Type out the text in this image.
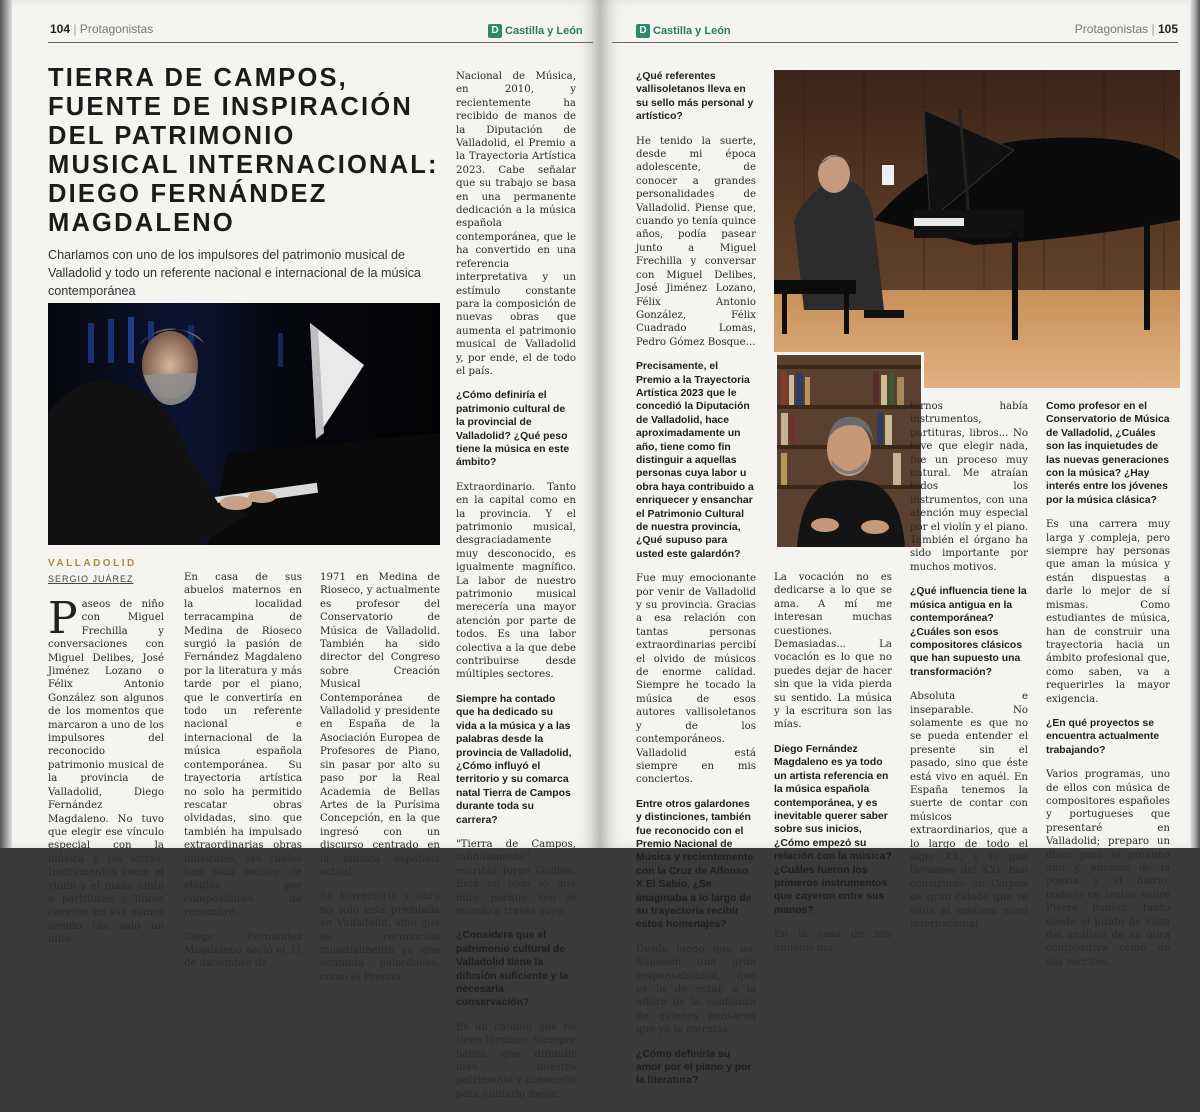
104 | Protagonistas	D Castilla y León
TIERRA DE CAMPOS,
FUENTE DE INSPIRACIÓN
DEL PATRIMONIO
MUSICAL INTERNACIONAL:
DIEGO FERNÁNDEZ
MAGDALENO
Charlamos con uno de los impulsores del patrimonio musical de Valladolid y todo un referente nacional e internacional de la música contemporánea
VALLADOLID
SERGIO JUÁREZ

Paseos de niño con Miguel Frechilla y conversaciones con Miguel Delibes, José Jiménez Lozano o Félix Antonio González son algunos de los momentos que marcaron a uno de los impulsores del reconocido patrimonio musical de la provincia de Valladolid, Diego Fernández Magdaleno. No tuvo que elegir ese vínculo especial con la música y las letras. Instrumentos como el violín y el piano junto a partituras y libros cayeron en sus manos siendo tan solo un niño.

En casa de sus abuelos maternos en la localidad terracampina de Medina de Rioseco surgió la pasión de Fernández Magdaleno por la literatura y más tarde por el piano, que le convertiría en todo un referente nacional e internacional de la música española contemporánea. Su trayectoria artística no solo ha permitido rescatar obras olvidadas, sino que también ha impulsado extraordinarias obras musicales, las cuales han sido motivo de elogios por compositores de renombre.

Diego Fernández Magdaleno nació el 31 de diciembre de

1971 en Medina de Rioseco, y actualmente es profesor del Conservatorio de Música de Valladolid. También ha sido director del Congreso sobre Creación Musical Contemporánea de Valladolid y presidente en España de la Asociación Europea de Profesores de Piano, sin pasar por alto su paso por la Real Academia de Bellas Artes de la Purísima Concepción, en la que ingresó con un discurso centrado en la música española actual.

Su trayectoria y obra no solo está premiada en Valladolid, sino que es reconocida mundialmente ya que acumula galardones, como el Premio

Nacional de Música, en 2010, y recientemente ha recibido de manos de la Diputación de Valladolid, el Premio a la Trayectoria Artística 2023. Cabe señalar que su trabajo se basa en una permanente dedicación a la música española contemporánea, que le ha convertido en una referencia interpretativa y un estímulo constante para la composición de nuevas obras que aumenta el patrimonio musical de Valladolid y, por ende, el de todo el país.

¿Cómo definiría el patrimonio cultural de la provincial de Valladolid? ¿Qué peso tiene la música en este ámbito?

Extraordinario. Tanto en la capital como en la provincia. Y el patrimonio musical, desgraciadamente muy desconocido, es igualmente magnífico. La labor de nuestro patrimonio musical merecería una mayor atención por parte de todos. Es una labor colectiva a la que debe contribuirse desde múltiples sectores.

Siempre ha contado que ha dedicado su vida a la música y a las palabras desde la provincia de Valladolid, ¿Cómo influyó el territorio y su comarca natal Tierra de Campos durante toda su carrera?

"Tierra de Campos, infinitamente", escribió Jorge Guillén. Está en todo lo que miro porque veo el mundo a través suyo.

¿Considera que el patrimonio cultural de Valladolid tiene la difusión suficiente y la necesaria conservación?

Es un camino que no tiene término. Siempre habrá que difundir más nuestro patrimonio y conocerlo para cuidarlo mejor.

D Castilla y León	Protagonistas | 105
¿Qué referentes vallisoletanos lleva en su sello más personal y artístico?

He tenido la suerte, desde mi época adolescente, de conocer a grandes personalidades de Valladolid. Piense que, cuando yo tenía quince años, podía pasear junto a Miguel Frechilla y conversar con Miguel Delibes, José Jiménez Lozano, Félix Antonio González, Félix Cuadrado Lomas, Pedro Gómez Bosque...

Precisamente, el Premio a la Trayectoria Artística 2023 que le concedió la Diputación de Valladolid, hace aproximadamente un año, tiene como fin distinguir a aquellas personas cuya labor u obra haya contribuido a enriquecer y ensanchar el Patrimonio Cultural de nuestra provincia, ¿Qué supuso para usted este galardón?

Fue muy emocionante por venir de Valladolid y su provincia. Gracias a esa relación con tantas personas extraordinarias percibí el olvido de músicos de enorme calidad. Siempre he tocado la música de esos autores vallisoletanos y de los contemporáneos. Valladolid está siempre en mis conciertos.

Entre otros galardones y distinciones, también fue reconocido con el Premio Nacional de Música y recientemente con la Cruz de Alfonso X El Sabio, ¿Se imaginaba a lo largo de su trayectoria recibir estos homenajes?

Desde luego que no. Suponen una gran responsabilidad, que es la de estar a la altura de la confianza de quienes pensaron que yo lo merecía.

¿Cómo definiría su amor por el piano y por la literatura?

La vocación no es dedicarse a lo que se ama. A mí me interesan muchas cuestiones. Demasiadas... La vocación es lo que no puedes dejar de hacer sin que la vida pierda su sentido. La música y la escritura son las mías.

Diego Fernández Magdaleno es ya todo un artista referencia en la música española contemporánea, y es inevitable querer saber sobre sus inicios, ¿Cómo empezó su relación con la música? ¿Cuáles fueron los primeros instrumentos que cayeron entre sus manos?

En la casa de mis abuelos ma-

ternos había instrumentos, partituras, libros... No tuve que elegir nada, fue un proceso muy natural. Me atraían todos los instrumentos, con una atención muy especial por el violín y el piano. También el órgano ha sido importante por muchos motivos.

¿Qué influencia tiene la música antigua en la contemporánea? ¿Cuáles son esos compositores clásicos que han supuesto una transformación?

Absoluta e inseparable. No solamente es que no se pueda entender el presente sin el pasado, sino que éste está vivo en aquél. En España tenemos la suerte de contar con músicos extraordinarios, que a lo largo de todo el siglo XX, y lo que llevamos del XXI, han construido un Corpus de gran calado que se sitúa al máximo nivel internacional.

Como profesor en el Conservatorio de Música de Valladolid, ¿Cuáles son las inquietudes de las nuevas generaciones con la música? ¿Hay interés entre los jóvenes por la música clásica?

Es una carrera muy larga y compleja, pero siempre hay personas que aman la música y están dispuestas a darle lo mejor de sí mismas. Como estudiantes de música, han de construir una trayectoria hacia un ámbito profesional que, como saben, va a requerirles la mayor exigencia.

¿En qué proyectos se encuentra actualmente trabajando?

Varios programas, uno de ellos con música de compositores españoles y portugueses que presentaré en Valladolid; preparo un disco para el próximo año y, además de la poesía y el diario, trabajo en textos sobre Pierre Boulez, tanto desde el punto de vista del análisis de su obra compositiva como de sus escritos.
